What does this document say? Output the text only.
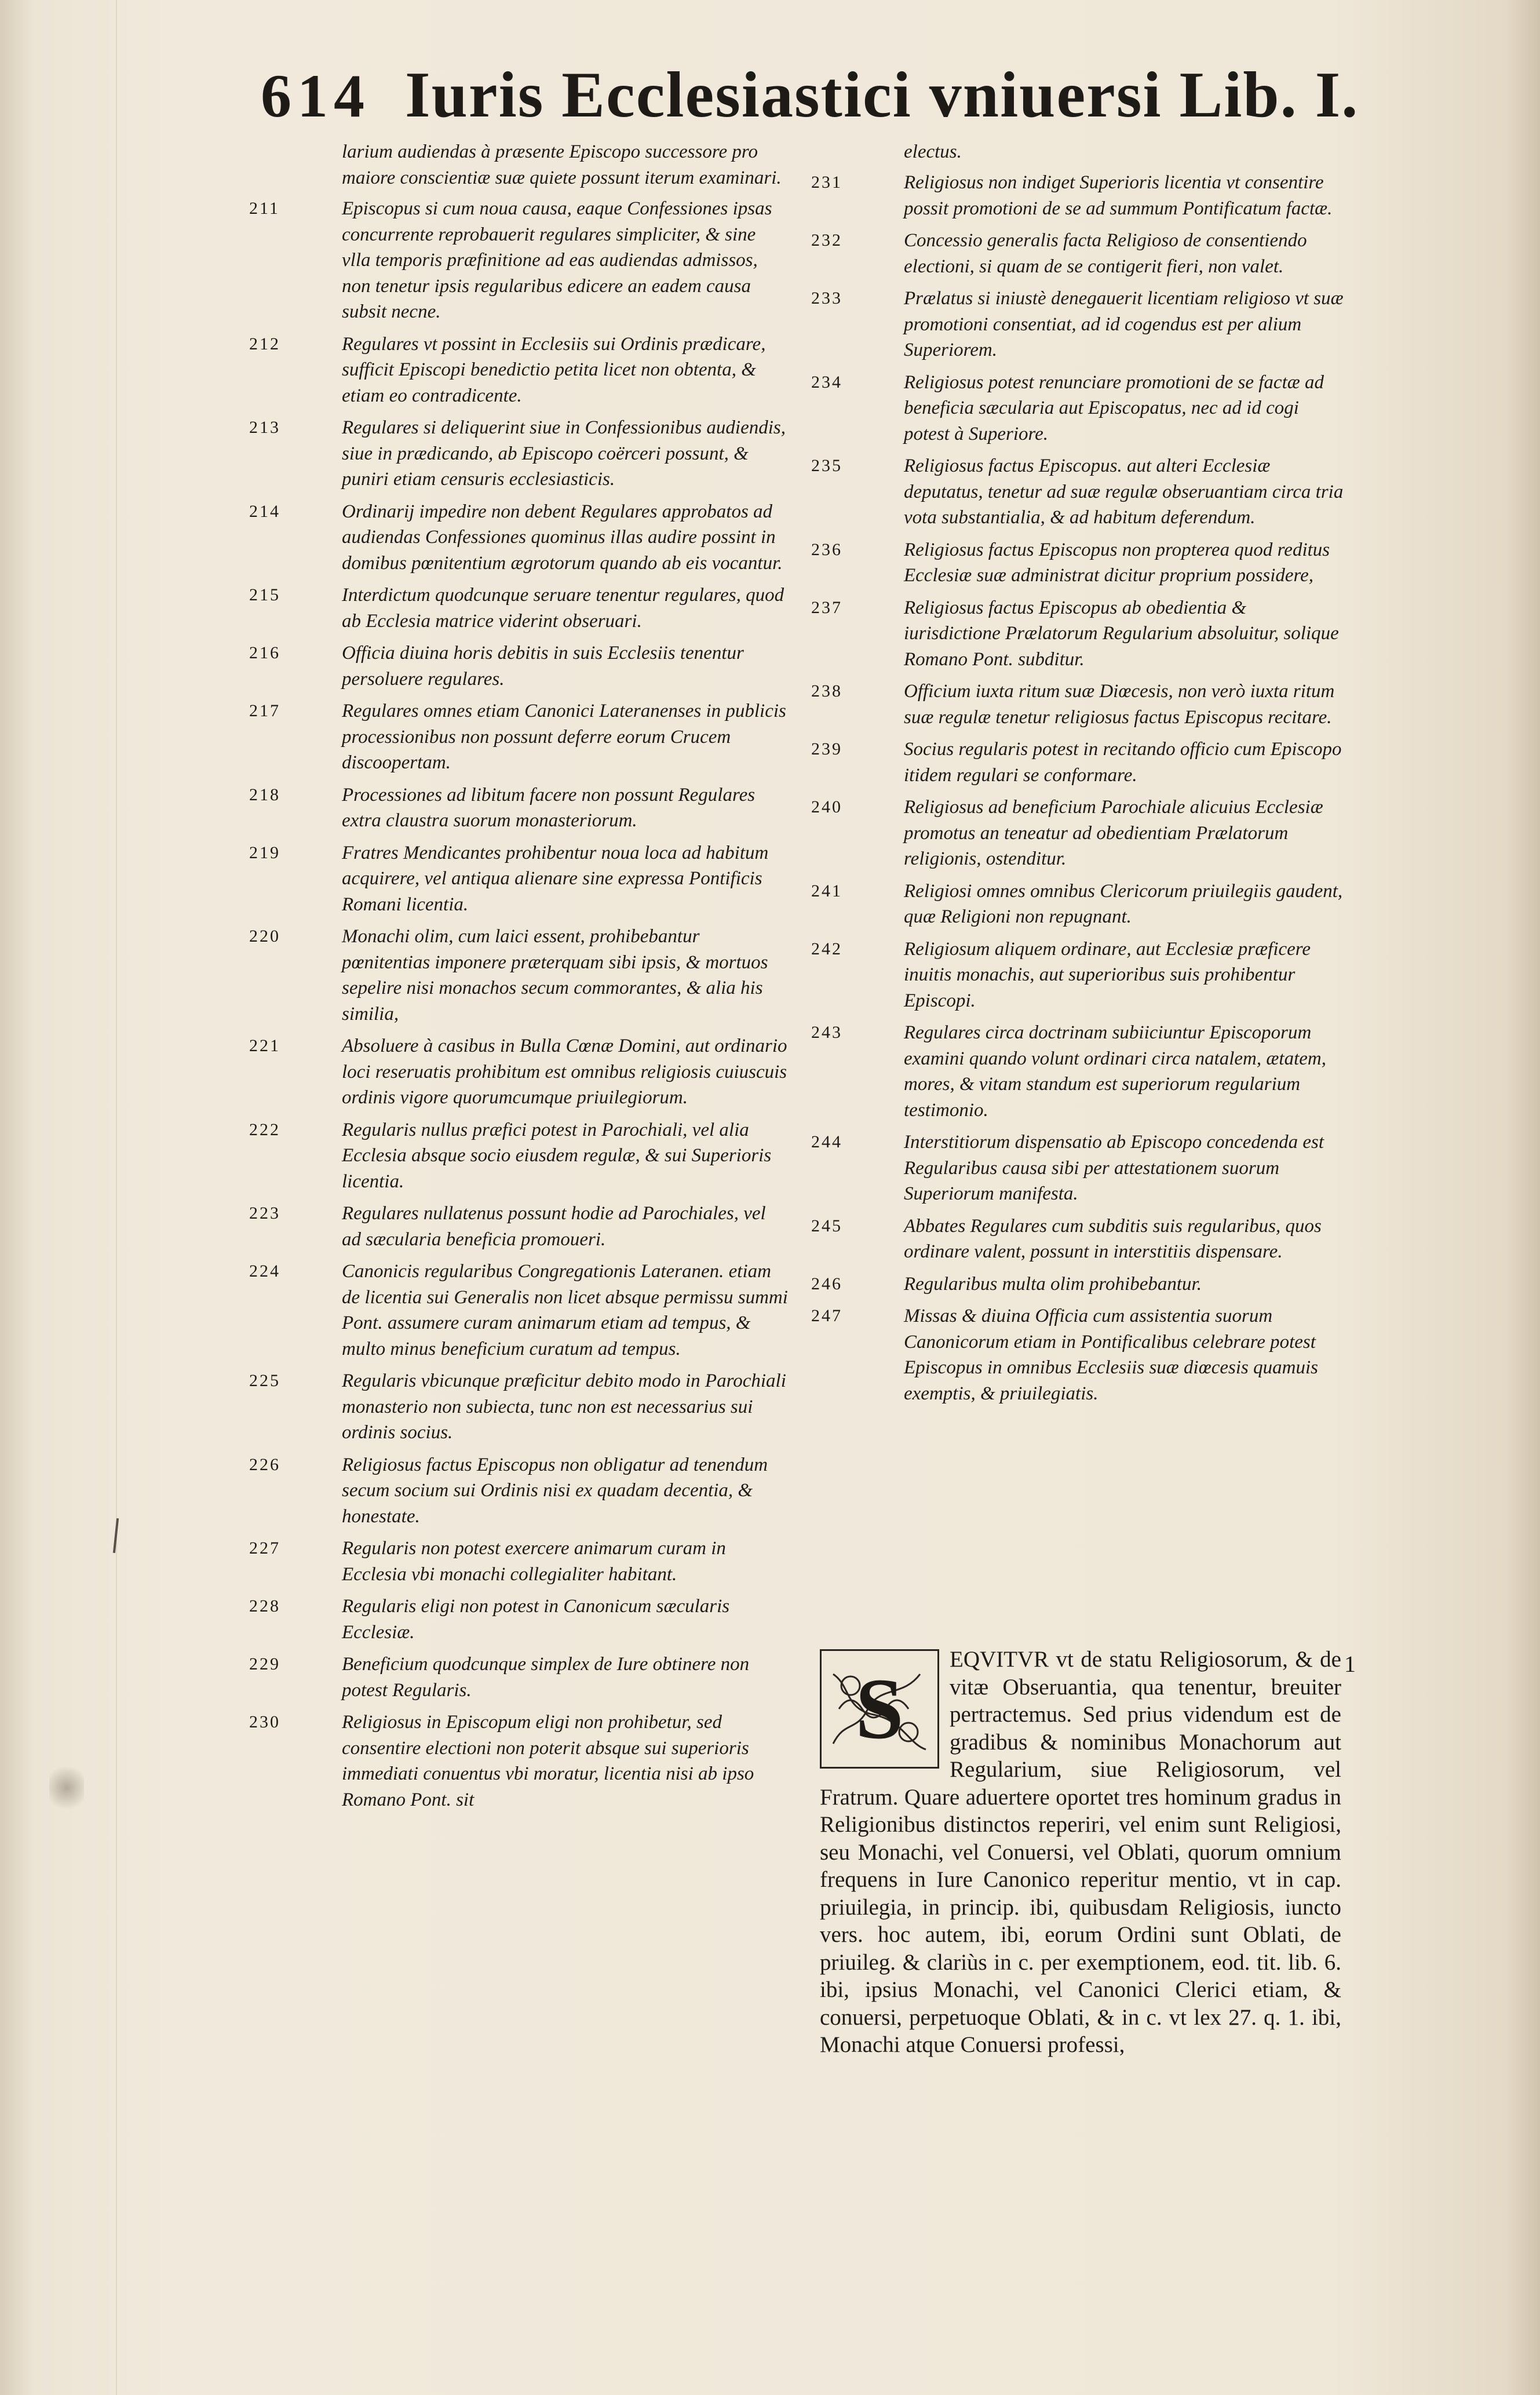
614 Iuris Ecclesiastici vniuersi Lib. I.
larium audiendas à præsente Episcopo successore pro maiore conscientiæ suæ quiete possunt iterum examinari.
211	Episcopus si cum noua causa, eaque Confessiones ipsas concurrente reprobauerit regulares simpliciter, & sine vlla temporis præfinitione ad eas audiendas admissos, non tenetur ipsis regularibus edicere an eadem causa subsit necne.
212	Regulares vt possint in Ecclesiis sui Ordinis prædicare, sufficit Episcopi benedictio petita licet non obtenta, & etiam eo contradicente.
213	Regulares si deliquerint siue in Confessionibus audiendis, siue in prædicando, ab Episcopo coërceri possunt, & puniri etiam censuris ecclesiasticis.
214	Ordinarij impedire non debent Regulares approbatos ad audiendas Confessiones quominus illas audire possint in domibus pœnitentium ægrotorum quando ab eis vocantur.
215	Interdictum quodcunque seruare tenentur regulares, quod ab Ecclesia matrice viderint obseruari.
216	Officia diuina horis debitis in suis Ecclesiis tenentur persoluere regulares.
217	Regulares omnes etiam Canonici Lateranenses in publicis processionibus non possunt deferre eorum Crucem discoopertam.
218	Processiones ad libitum facere non possunt Regulares extra claustra suorum monasteriorum.
219	Fratres Mendicantes prohibentur noua loca ad habitum acquirere, vel antiqua alienare sine expressa Pontificis Romani licentia.
220	Monachi olim, cum laici essent, prohibebantur pœnitentias imponere præterquam sibi ipsis, & mortuos sepelire nisi monachos secum commorantes, & alia his similia,
221	Absoluere à casibus in Bulla Cœnæ Domini, aut ordinario loci reseruatis prohibitum est omnibus religiosis cuiuscuis ordinis vigore quorumcumque priuilegiorum.
222	Regularis nullus præfici potest in Parochiali, vel alia Ecclesia absque socio eiusdem regulæ, & sui Superioris licentia.
223	Regulares nullatenus possunt hodie ad Parochiales, vel ad sæcularia beneficia promoueri.
224	Canonicis regularibus Congregationis Lateranen. etiam de licentia sui Generalis non licet absque permissu summi Pont. assumere curam animarum etiam ad tempus, & multo minus beneficium curatum ad tempus.
225	Regularis vbicunque præficitur debito modo in Parochiali monasterio non subiecta, tunc non est necessarius sui ordinis socius.
226	Religiosus factus Episcopus non obligatur ad tenendum secum socium sui Ordinis nisi ex quadam decentia, & honestate.
227	Regularis non potest exercere animarum curam in Ecclesia vbi monachi collegialiter habitant.
228	Regularis eligi non potest in Canonicum sæcularis Ecclesiæ.
229	Beneficium quodcunque simplex de Iure obtinere non potest Regularis.
230	Religiosus in Episcopum eligi non prohibetur, sed consentire electioni non poterit absque sui superioris immediati conuentus vbi moratur, licentia nisi ab ipso Romano Pont. sit
electus.
231	Religiosus non indiget Superioris licentia vt consentire possit promotioni de se ad summum Pontificatum factæ.
232	Concessio generalis facta Religioso de consentiendo electioni, si quam de se contigerit fieri, non valet.
233	Prælatus si iniustè denegauerit licentiam religioso vt suæ promotioni consentiat, ad id cogendus est per alium Superiorem.
234	Religiosus potest renunciare promotioni de se factæ ad beneficia sæcularia aut Episcopatus, nec ad id cogi potest à Superiore.
235	Religiosus factus Episcopus. aut alteri Ecclesiæ deputatus, tenetur ad suæ regulæ obseruantiam circa tria vota substantialia, & ad habitum deferendum.
236	Religiosus factus Episcopus non propterea quod reditus Ecclesiæ suæ administrat dicitur proprium possidere,
237	Religiosus factus Episcopus ab obedientia & iurisdictione Prælatorum Regularium absoluitur, solique Romano Pont. subditur.
238	Officium iuxta ritum suæ Diœcesis, non verò iuxta ritum suæ regulæ tenetur religiosus factus Episcopus recitare.
239	Socius regularis potest in recitando officio cum Episcopo itidem regulari se conformare.
240	Religiosus ad beneficium Parochiale alicuius Ecclesiæ promotus an teneatur ad obedientiam Prælatorum religionis, ostenditur.
241	Religiosi omnes omnibus Clericorum priuilegiis gaudent, quæ Religioni non repugnant.
242	Religiosum aliquem ordinare, aut Ecclesiæ præficere inuitis monachis, aut superioribus suis prohibentur Episcopi.
243	Regulares circa doctrinam subiiciuntur Episcoporum examini quando volunt ordinari circa natalem, ætatem, mores, & vitam standum est superiorum regularium testimonio.
244	Interstitiorum dispensatio ab Episcopo concedenda est Regularibus causa sibi per attestationem suorum Superiorum manifesta.
245	Abbates Regulares cum subditis suis regularibus, quos ordinare valent, possunt in interstitiis dispensare.
246	Regularibus multa olim prohibebantur.
247	Missas & diuina Officia cum assistentia suorum Canonicorum etiam in Pontificalibus celebrare potest Episcopus in omnibus Ecclesiis suæ diœcesis quamuis exemptis, & priuilegiatis.
1
S
EQVITVR vt de statu Religiosorum, & de vitæ Obseruantia, qua tenentur, breuiter pertractemus. Sed prius videndum est de gradibus & nominibus Monachorum aut Regularium, siue Religiosorum, vel Fratrum. Quare aduertere oportet tres hominum gradus in Religionibus distinctos reperiri, vel enim sunt Religiosi, seu Monachi, vel Conuersi, vel Oblati, quorum omnium frequens in Iure Canonico reperitur mentio, vt in cap. priuilegia, in princip. ibi, quibusdam Religiosis, iuncto vers. hoc autem, ibi, eorum Ordini sunt Oblati, de priuileg. & clariùs in c. per exemptionem, eod. tit. lib. 6. ibi, ipsius Monachi, vel Canonici Clerici etiam, & conuersi, perpetuoque Oblati, & in c. vt lex 27. q. 1. ibi, Monachi atque Conuersi professi,
